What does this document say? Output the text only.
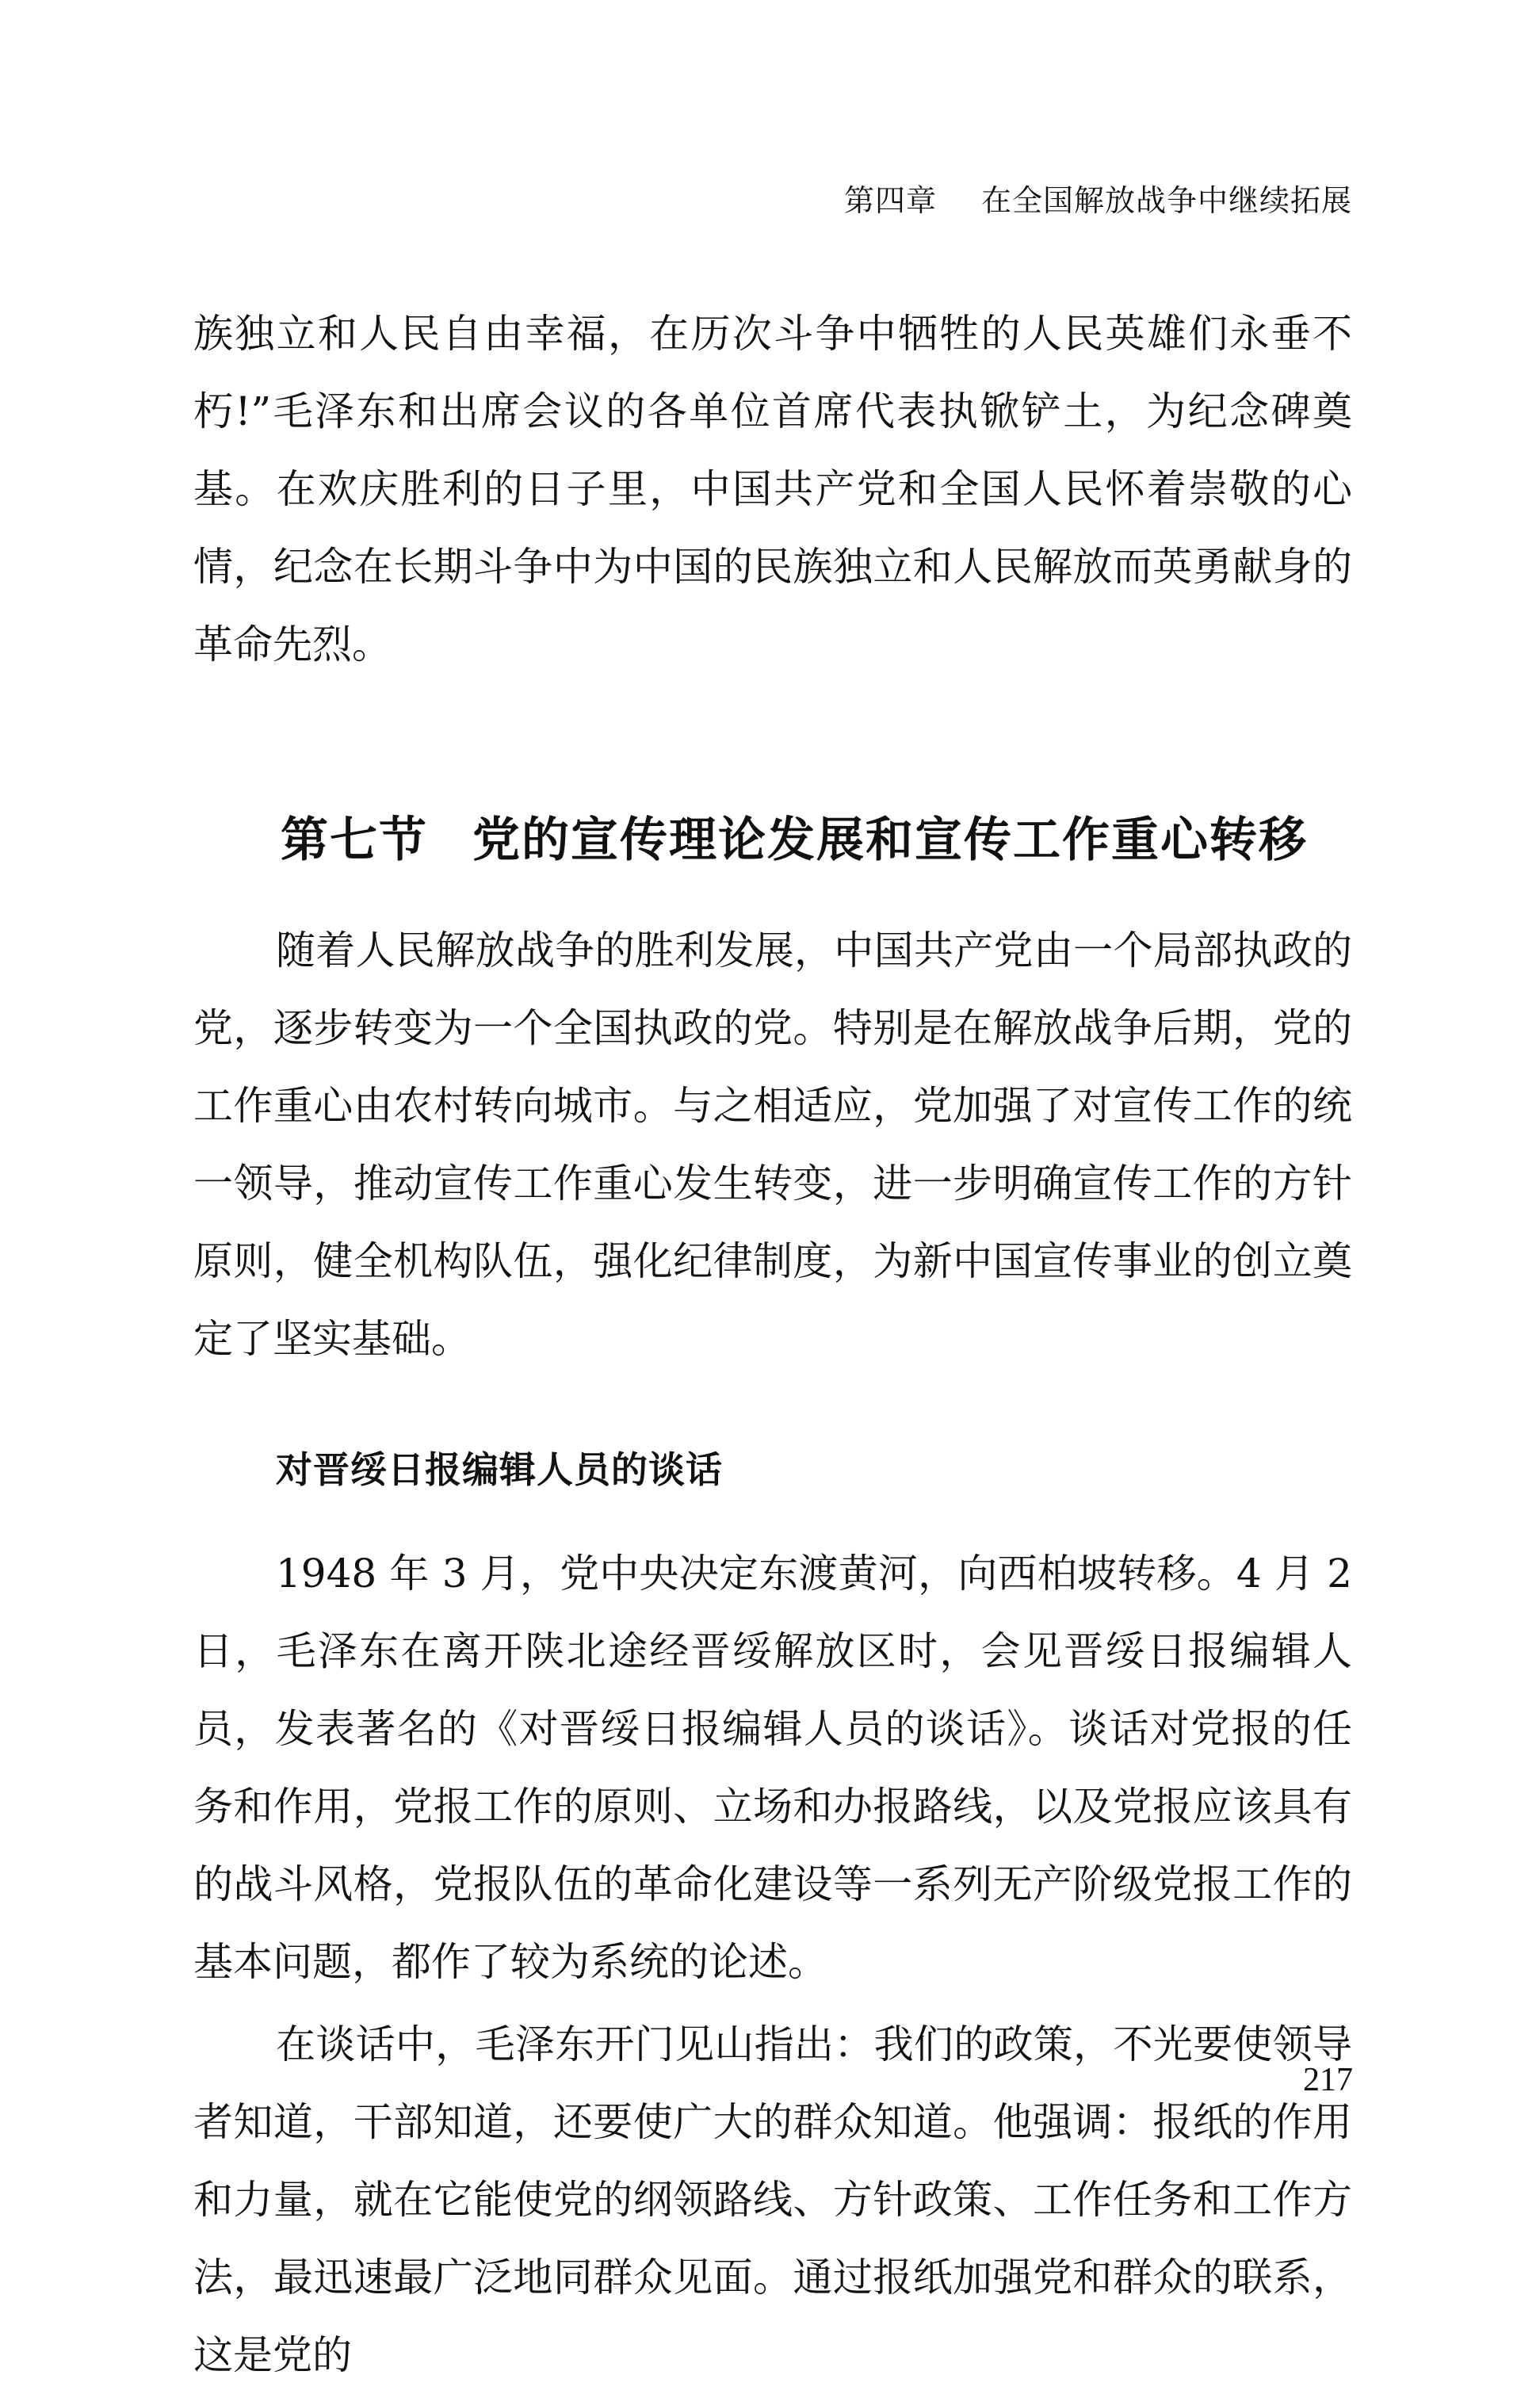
第四章 在全国解放战争中继续拓展

族独立和人民自由幸福，在历次斗争中牺牲的人民英雄们永垂不朽!”毛泽东和出席会议的各单位首席代表执锨铲土，为纪念碑奠基。在欢庆胜利的日子里，中国共产党和全国人民怀着崇敬的心情，纪念在长期斗争中为中国的民族独立和人民解放而英勇献身的革命先烈。

第七节 党的宣传理论发展和宣传工作重心转移

随着人民解放战争的胜利发展，中国共产党由一个局部执政的党，逐步转变为一个全国执政的党。特别是在解放战争后期，党的工作重心由农村转向城市。与之相适应，党加强了对宣传工作的统一领导，推动宣传工作重心发生转变，进一步明确宣传工作的方针原则，健全机构队伍，强化纪律制度，为新中国宣传事业的创立奠定了坚实基础。

对晋绥日报编辑人员的谈话

1948 年 3 月，党中央决定东渡黄河，向西柏坡转移。4 月 2 日，毛泽东在离开陕北途经晋绥解放区时，会见晋绥日报编辑人员，发表著名的《对晋绥日报编辑人员的谈话》。谈话对党报的任务和作用，党报工作的原则、立场和办报路线，以及党报应该具有的战斗风格，党报队伍的革命化建设等一系列无产阶级党报工作的基本问题，都作了较为系统的论述。

在谈话中，毛泽东开门见山指出：我们的政策，不光要使领导者知道，干部知道，还要使广大的群众知道。他强调：报纸的作用和力量，就在它能使党的纲领路线、方针政策、工作任务和工作方法，最迅速最广泛地同群众见面。通过报纸加强党和群众的联系，这是党的

217
